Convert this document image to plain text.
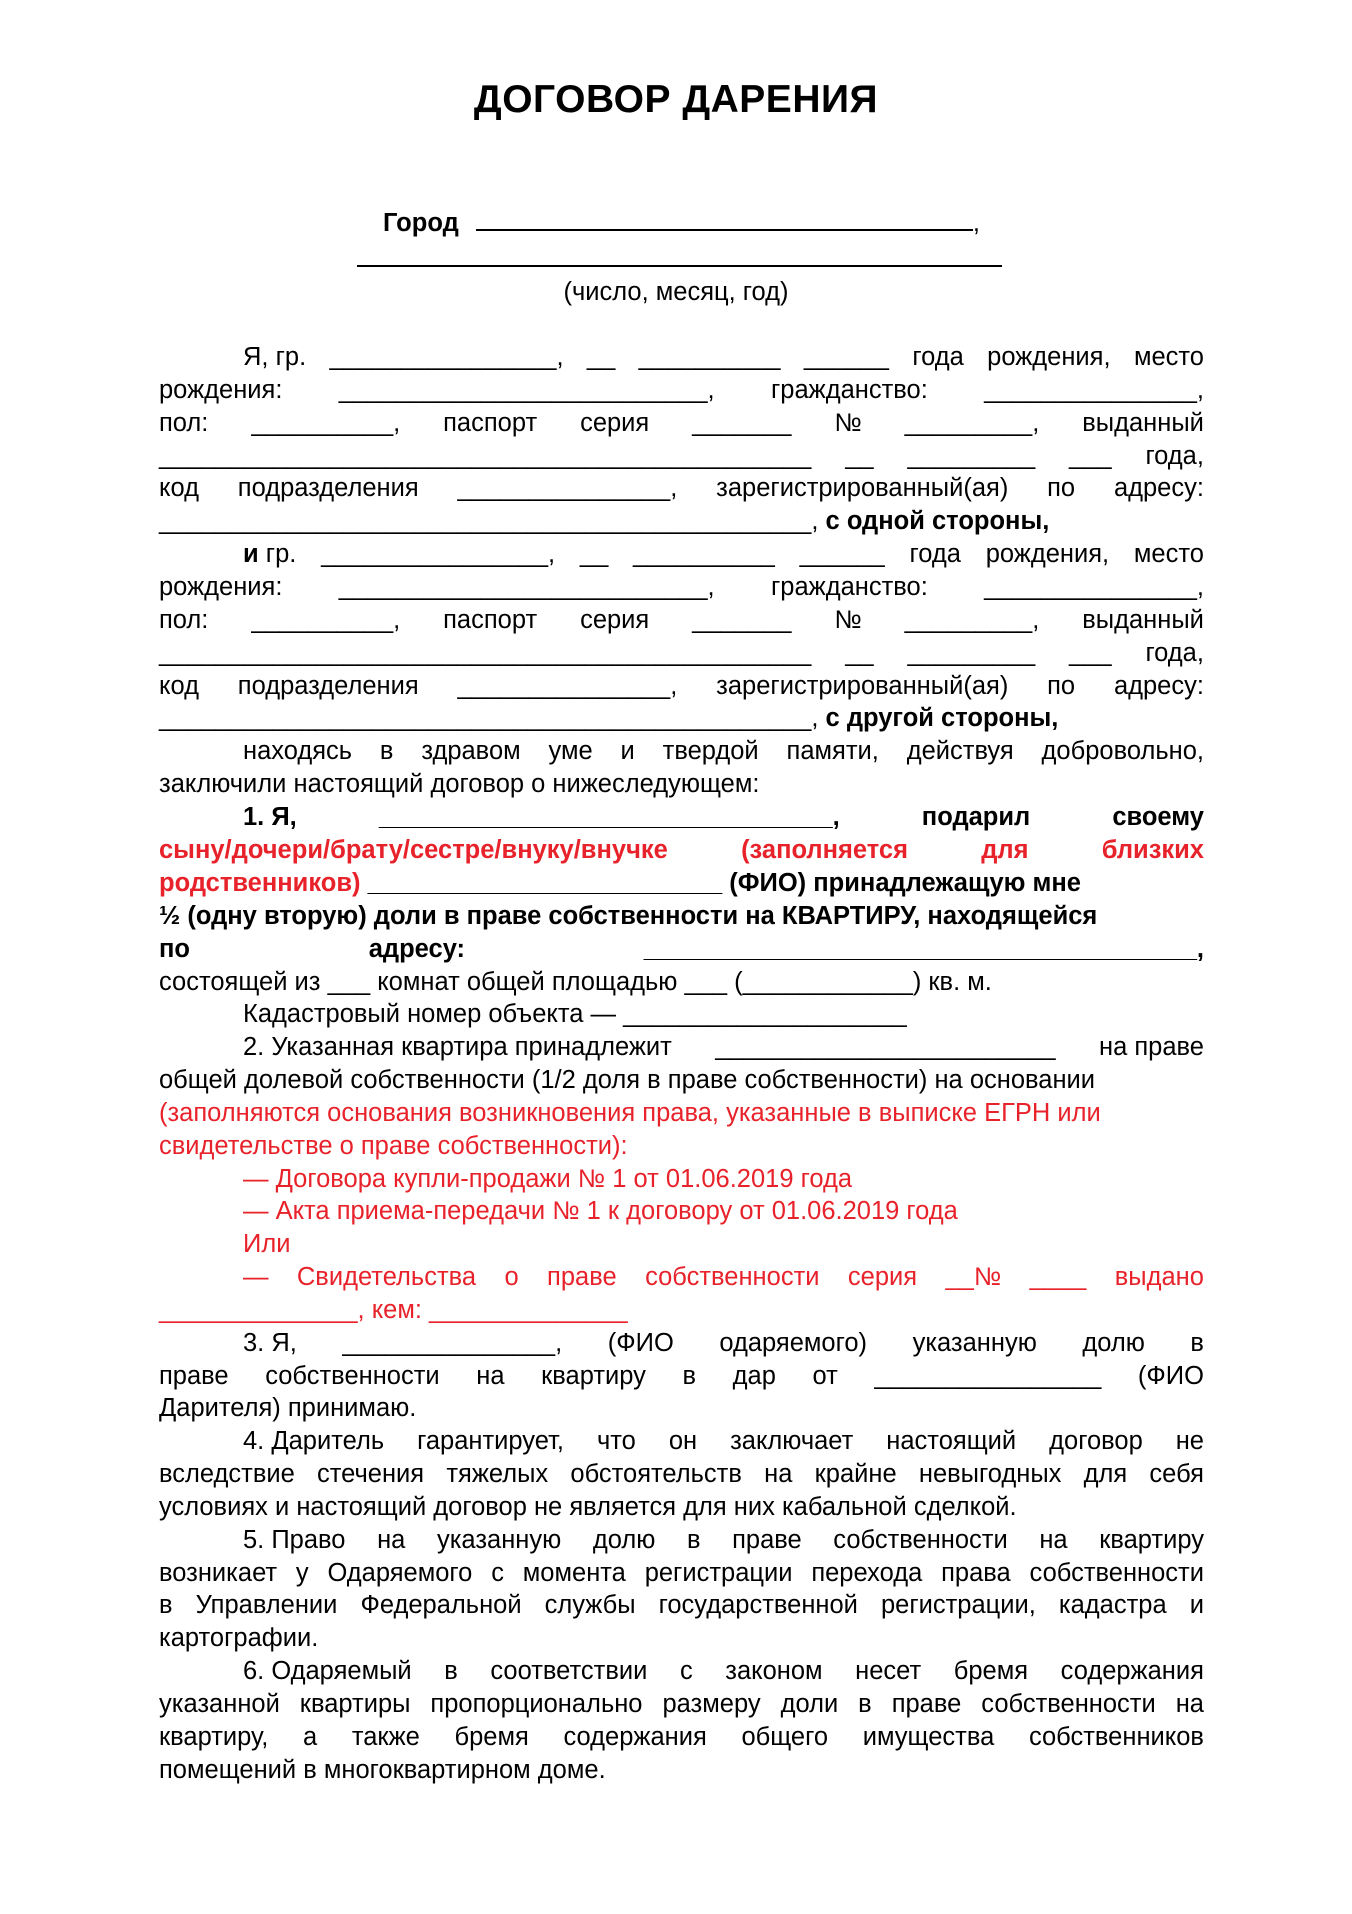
ДОГОВОР ДАРЕНИЯ
Город	,
(число, месяц, год)
Я, гр. ________________, __ __________ ______ года рождения, место
рождения: __________________________, гражданство: _______________,
пол: __________, паспорт серия _______ № _________, выданный
______________________________________________ __ _________ ___ года,
код подразделения _______________, зарегистрированный(ая) по адресу:
______________________________________________, с одной стороны,
и гр. ________________, __ __________ ______ года рождения, место
рождения: __________________________, гражданство: _______________,
пол: __________, паспорт серия _______ № _________, выданный
______________________________________________ __ _________ ___ года,
код подразделения _______________, зарегистрированный(ая) по адресу:
______________________________________________, с другой стороны,
находясь в здравом уме и твердой памяти, действуя добровольно,
заключили настоящий договор о нижеследующем:
1. Я,	________________________________,	подарил	своему
сыну/дочери/брату/сестре/внуку/внучке	(заполняется	для	близких
родственников) _________________________ (ФИО) принадлежащую мне
½ (одну вторую) доли в праве собственности на КВАРТИРУ, находящейся
по	адресу:	_______________________________________,
состоящей из ___ комнат общей площадью ___ (____________) кв. м.
Кадастровый номер объекта — ____________________
2. Указанная квартира принадлежит ________________________ на праве
общей долевой собственности (1/2 доля в праве собственности) на основании
(заполняются основания возникновения права, указанные в выписке ЕГРН или
свидетельстве о праве собственности):
— Договора купли-продажи № 1 от 01.06.2019 года
— Акта приема-передачи № 1 к договору от 01.06.2019 года
Или
— Свидетельства о праве собственности серия __№ ____ выдано
______________, кем: ______________
3. Я, _______________, (ФИО одаряемого) указанную долю в
праве собственности на квартиру в дар от ________________ (ФИО
Дарителя) принимаю.
4. Даритель гарантирует, что он заключает настоящий договор не
вследствие стечения тяжелых обстоятельств на крайне невыгодных для себя
условиях и настоящий договор не является для них кабальной сделкой.
5. Право на указанную долю в праве собственности на квартиру
возникает у Одаряемого с момента регистрации перехода права собственности
в Управлении Федеральной службы государственной регистрации, кадастра и
картографии.
6. Одаряемый в соответствии с законом несет бремя содержания
указанной квартиры пропорционально размеру доли в праве собственности на
квартиру, а также бремя содержания общего имущества собственников
помещений в многоквартирном доме.
